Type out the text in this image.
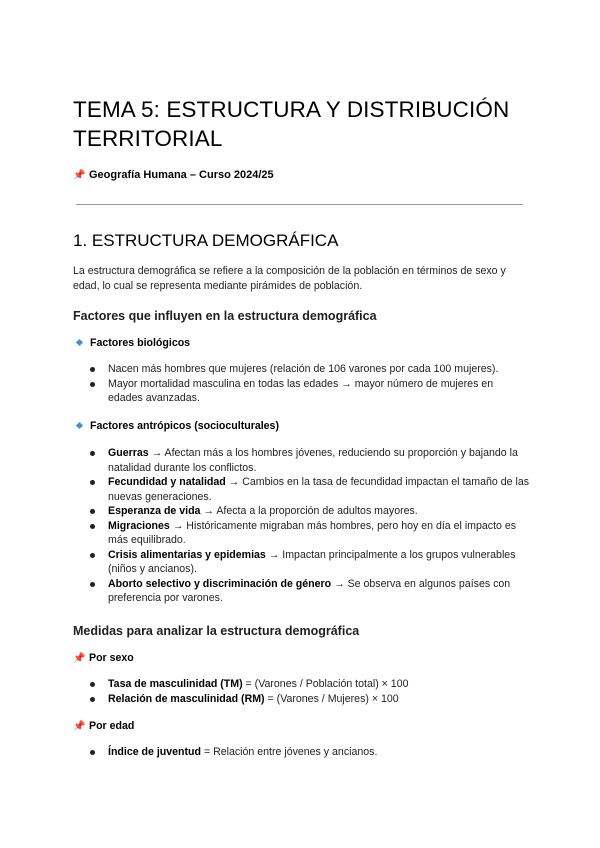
TEMA 5: ESTRUCTURA Y DISTRIBUCIÓN TERRITORIAL
📌 Geografía Humana – Curso 2024/25
1. ESTRUCTURA DEMOGRÁFICA

La estructura demográfica se refiere a la composición de la población en términos de sexo y edad, lo cual se representa mediante pirámides de población.

Factores que influyen en la estructura demográfica
Factores biológicos
Nacen más hombres que mujeres (relación de 106 varones por cada 100 mujeres).
Mayor mortalidad masculina en todas las edades → mayor número de mujeres en edades avanzadas.
Factores antrópicos (socioculturales)
Guerras → Afectan más a los hombres jóvenes, reduciendo su proporción y bajando la natalidad durante los conflictos.
Fecundidad y natalidad → Cambios en la tasa de fecundidad impactan el tamaño de las nuevas generaciones.
Esperanza de vida → Afecta a la proporción de adultos mayores.
Migraciones → Históricamente migraban más hombres, pero hoy en día el impacto es más equilibrado.
Crisis alimentarias y epidemias → Impactan principalmente a los grupos vulnerables (niños y ancianos).
Aborto selectivo y discriminación de género → Se observa en algunos países con preferencia por varones.
Medidas para analizar la estructura demográfica
📌 Por sexo
Tasa de masculinidad (TM) = (Varones / Población total) × 100
Relación de masculinidad (RM) = (Varones / Mujeres) × 100
📌 Por edad
Índice de juventud = Relación entre jóvenes y ancianos.
